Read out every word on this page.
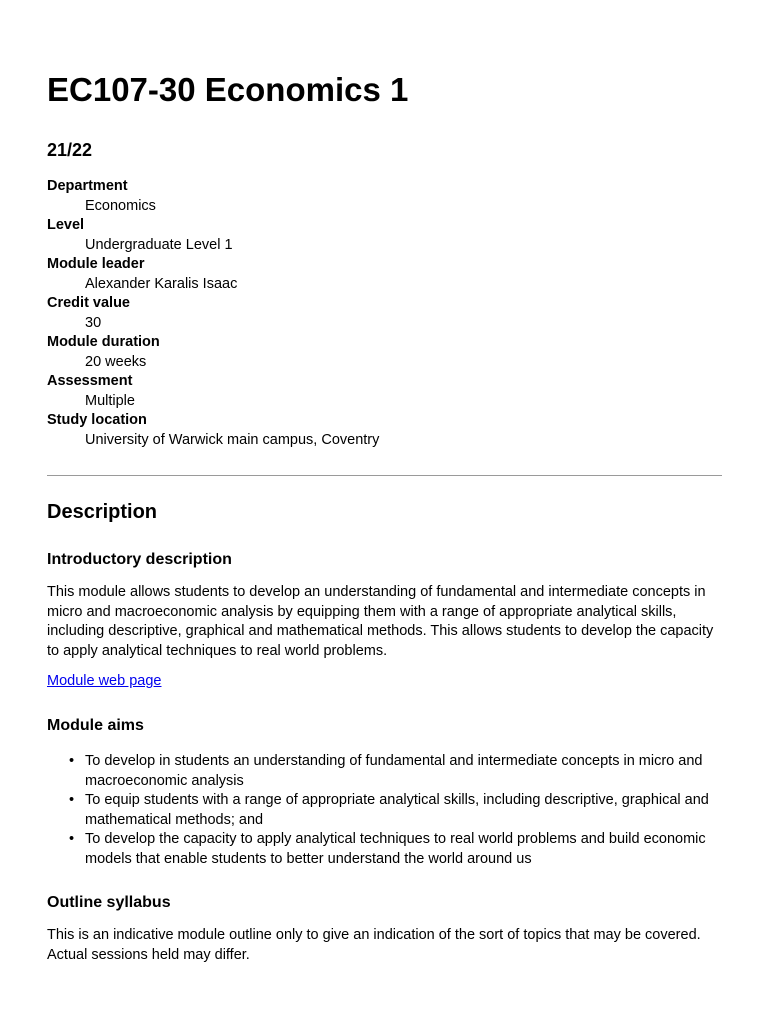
EC107-30 Economics 1
21/22
Department
Economics
Level
Undergraduate Level 1
Module leader
Alexander Karalis Isaac
Credit value
30
Module duration
20 weeks
Assessment
Multiple
Study location
University of Warwick main campus, Coventry
Description
Introductory description

This module allows students to develop an understanding of fundamental and intermediate concepts in micro and macroeconomic analysis by equipping them with a range of appropriate analytical skills, including descriptive, graphical and mathematical methods. This allows students to develop the capacity to apply analytical techniques to real world problems.

Module web page
Module aims
• To develop in students an understanding of fundamental and intermediate concepts in micro and macroeconomic analysis
• To equip students with a range of appropriate analytical skills, including descriptive, graphical and mathematical methods; and
• To develop the capacity to apply analytical techniques to real world problems and build economic models that enable students to better understand the world around us
Outline syllabus

This is an indicative module outline only to give an indication of the sort of topics that may be covered. Actual sessions held may differ.
